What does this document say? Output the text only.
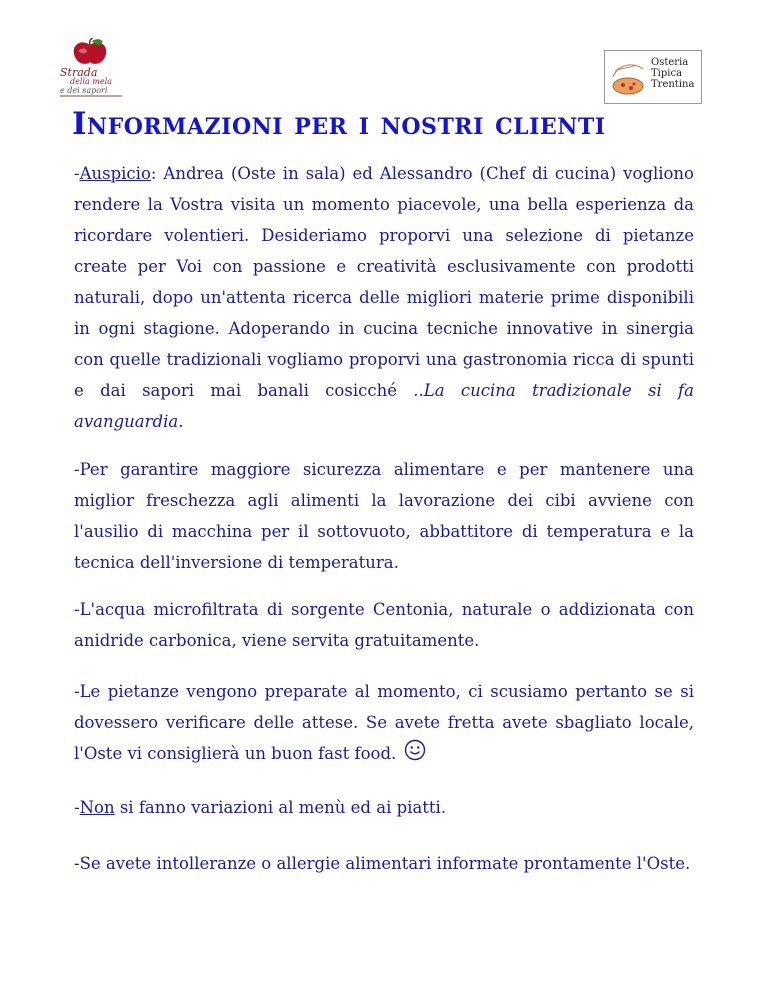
Strada
della mela
e dei sapori
Osteria
Tipica
Trentina
Informazioni per i nostri clienti
-Auspicio: Andrea (Oste in sala) ed Alessandro (Chef di cucina) vogliono rendere la Vostra visita un momento piacevole, una bella esperienza da ricordare volentieri. Desideriamo proporvi una selezione di pietanze create per Voi con passione e creatività esclusivamente con prodotti naturali, dopo un'attenta ricerca delle migliori materie prime disponibili in ogni stagione. Adoperando in cucina tecniche innovative in sinergia con quelle tradizionali vogliamo proporvi una gastronomia ricca di spunti e dai sapori mai banali cosicché ..La cucina tradizionale si fa avanguardia.
-Per garantire maggiore sicurezza alimentare e per mantenere una miglior freschezza agli alimenti la lavorazione dei cibi avviene con l'ausilio di macchina per il sottovuoto, abbattitore di temperatura e la tecnica dell'inversione di temperatura.
-L'acqua microfiltrata di sorgente Centonia, naturale o addizionata con anidride carbonica, viene servita gratuitamente.
-Le pietanze vengono preparate al momento, ci scusiamo pertanto se si dovessero verificare delle attese. Se avete fretta avete sbagliato locale, l'Oste vi consiglierà un buon fast food.
-Non si fanno variazioni al menù ed ai piatti.
-Se avete intolleranze o allergie alimentari informate prontamente l'Oste.
